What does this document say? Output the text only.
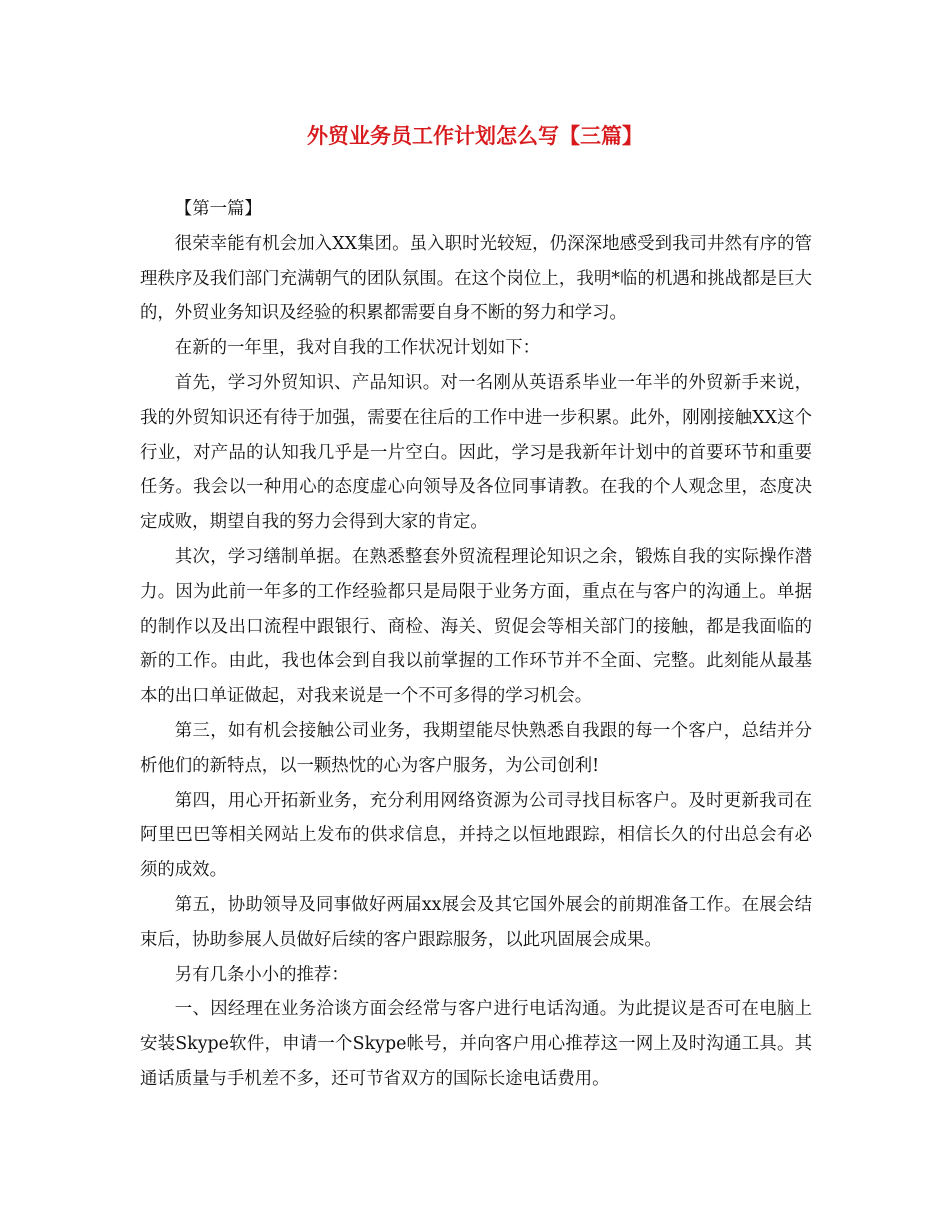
外贸业务员工作计划怎么写【三篇】

【第一篇】

很荣幸能有机会加入XX集团。虽入职时光较短，仍深深地感受到我司井然有序的管理秩序及我们部门充满朝气的团队氛围。在这个岗位上，我明*临的机遇和挑战都是巨大的，外贸业务知识及经验的积累都需要自身不断的努力和学习。

在新的一年里，我对自我的工作状况计划如下：

首先，学习外贸知识、产品知识。对一名刚从英语系毕业一年半的外贸新手来说，我的外贸知识还有待于加强，需要在往后的工作中进一步积累。此外，刚刚接触XX这个行业，对产品的认知我几乎是一片空白。因此，学习是我新年计划中的首要环节和重要任务。我会以一种用心的态度虚心向领导及各位同事请教。在我的个人观念里，态度决定成败，期望自我的努力会得到大家的肯定。

其次，学习缮制单据。在熟悉整套外贸流程理论知识之余，锻炼自我的实际操作潜力。因为此前一年多的工作经验都只是局限于业务方面，重点在与客户的沟通上。单据的制作以及出口流程中跟银行、商检、海关、贸促会等相关部门的接触，都是我面临的新的工作。由此，我也体会到自我以前掌握的工作环节并不全面、完整。此刻能从最基本的出口单证做起，对我来说是一个不可多得的学习机会。

第三，如有机会接触公司业务，我期望能尽快熟悉自我跟的每一个客户，总结并分析他们的新特点，以一颗热忱的心为客户服务，为公司创利!

第四，用心开拓新业务，充分利用网络资源为公司寻找目标客户。及时更新我司在阿里巴巴等相关网站上发布的供求信息，并持之以恒地跟踪，相信长久的付出总会有必须的成效。

第五，协助领导及同事做好两届xx展会及其它国外展会的前期准备工作。在展会结束后，协助参展人员做好后续的客户跟踪服务，以此巩固展会成果。

另有几条小小的推荐：

一、因经理在业务洽谈方面会经常与客户进行电话沟通。为此提议是否可在电脑上安装Skype软件，申请一个Skype帐号，并向客户用心推荐这一网上及时沟通工具。其通话质量与手机差不多，还可节省双方的国际长途电话费用。
